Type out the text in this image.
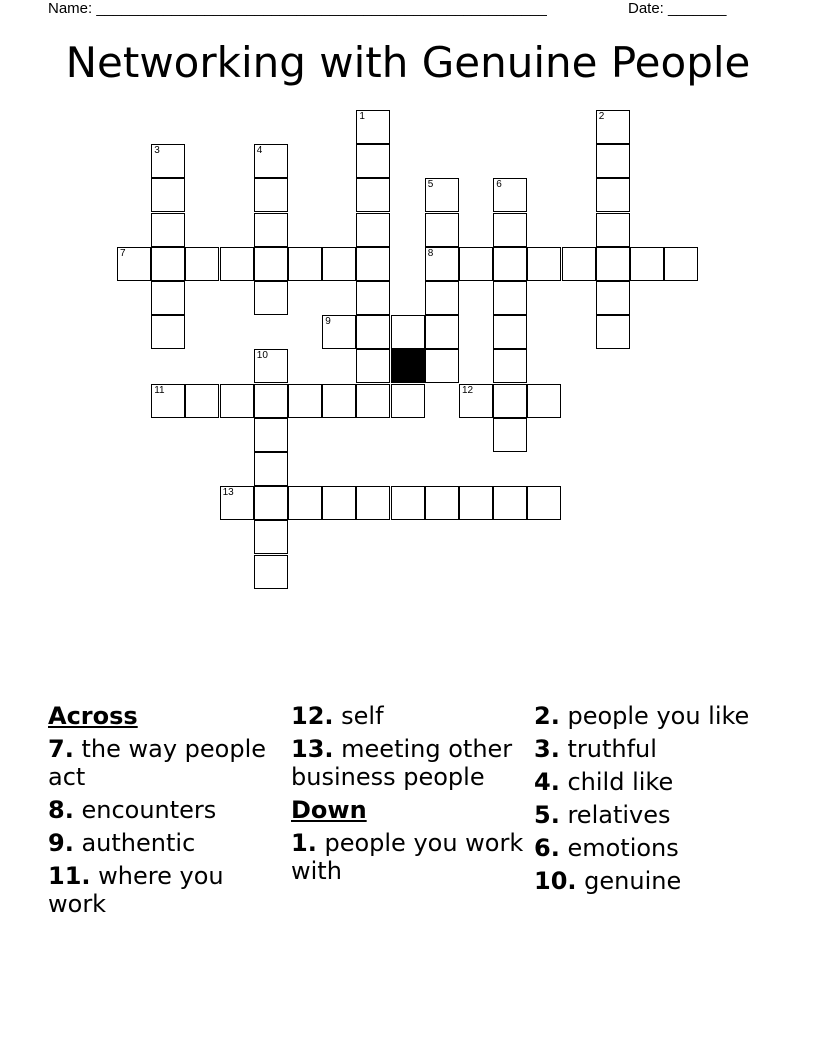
Name: ______________________________________________________	Date: _______
Networking with Genuine People
1	2
3	4
5
8
6
7
9
10
11	12
13
Across
7. the way people act
8. encounters
9. authentic
11. where you work
12. self
13. meeting other business people
Down
1. people you work with
2. people you like
3. truthful
4. child like
5. relatives
6. emotions
10. genuine
